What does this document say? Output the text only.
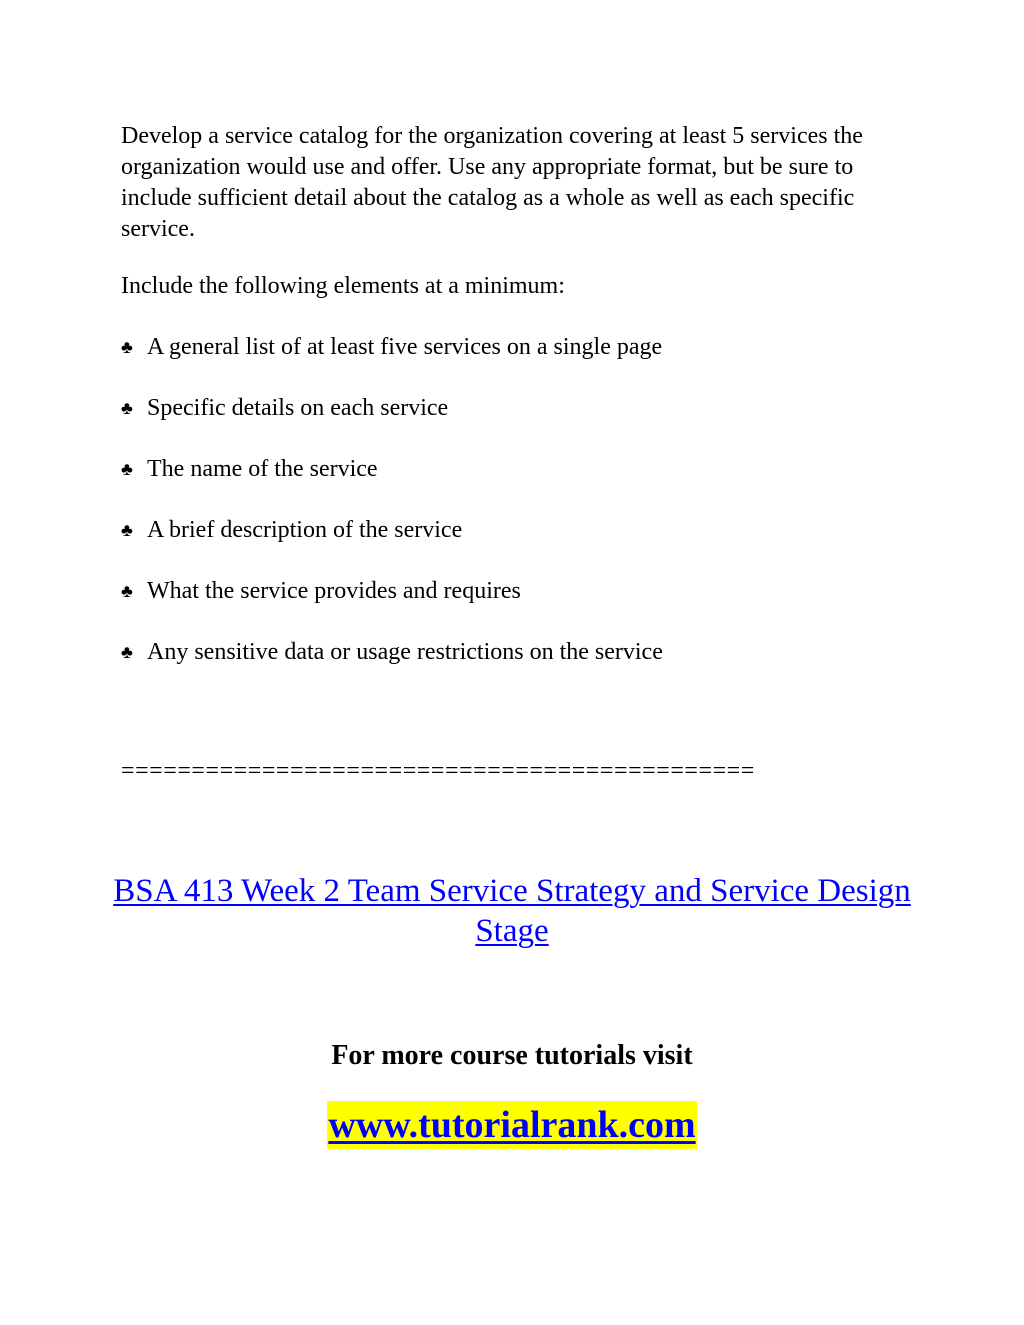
Develop a service catalog for the organization covering at least 5 services the organization would use and offer. Use any appropriate format, but be sure to include sufficient detail about the catalog as a whole as well as each specific service.

Include the following elements at a minimum:

♣ A general list of at least five services on a single page
♣ Specific details on each service
♣ The name of the service
♣ A brief description of the service
♣ What the service provides and requires
♣ Any sensitive data or usage restrictions on the service

=============================================

BSA 413 Week 2 Team Service Strategy and Service Design Stage

For more course tutorials visit

www.tutorialrank.com
